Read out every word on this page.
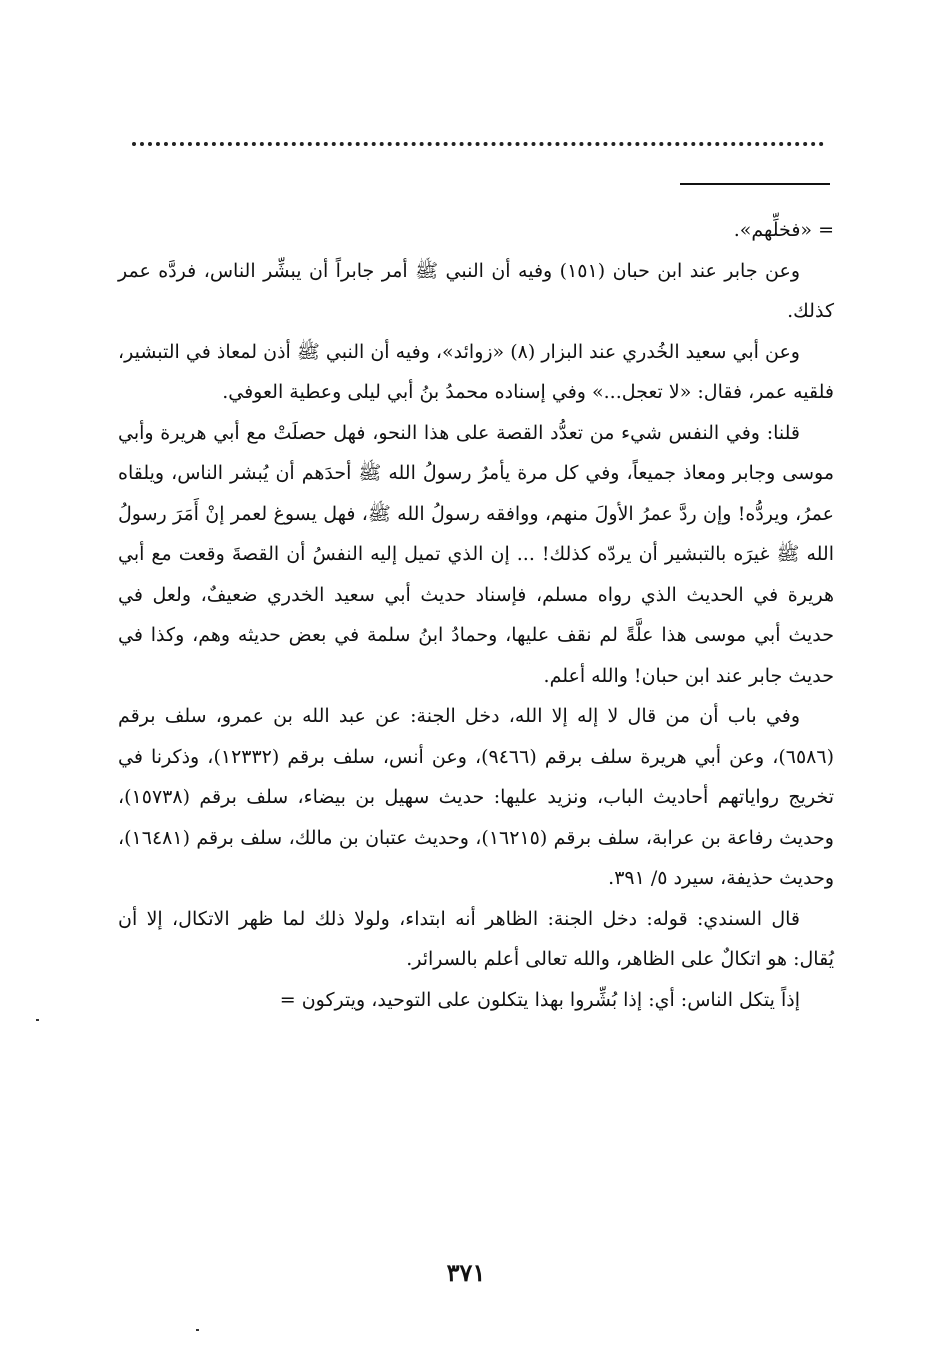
= «فخلِّهم».

وعن جابر عند ابن حبان (١٥١) وفيه أن النبي ﷺ أمر جابراً أن يبشِّر الناس، فردَّه عمر كذلك.

وعن أبي سعيد الخُدري عند البزار (٨) «زوائد»، وفيه أن النبي ﷺ أذن لمعاذ في التبشير، فلقيه عمر، فقال: «لا تعجل...» وفي إسناده محمدُ بنُ أبي ليلى وعطية العوفي.

قلنا: وفي النفس شيء من تعدُّد القصة على هذا النحو، فهل حصلَتْ مع أبي هريرة وأبي موسى وجابر ومعاذ جميعاً، وفي كل مرة يأمرُ رسولُ الله ﷺ أحدَهم أن يُبشر الناس، ويلقاه عمرُ، ويردُّه! وإن ردَّ عمرُ الأولَ منهم، ووافقه رسولُ الله ﷺ، فهل يسوغ لعمر إنْ أَمَرَ رسولُ الله ﷺ غيرَه بالتبشير أن يردّه كذلك! ... إن الذي تميل إليه النفسُ أن القصةَ وقعت مع أبي هريرة في الحديث الذي رواه مسلم، فإسناد حديث أبي سعيد الخدري ضعيفٌ، ولعل في حديث أبي موسى هذا علَّةً لم نقف عليها، وحمادُ ابنُ سلمة في بعض حديثه وهم، وكذا في حديث جابر عند ابن حبان! والله أعلم.

وفي باب أن من قال لا إله إلا الله، دخل الجنة: عن عبد الله بن عمرو، سلف برقم (٦٥٨٦)، وعن أبي هريرة سلف برقم (٩٤٦٦)، وعن أنس، سلف برقم (١٢٣٣٢)، وذكرنا في تخريج رواياتهم أحاديث الباب، ونزيد عليها: حديث سهيل بن بيضاء، سلف برقم (١٥٧٣٨)، وحديث رفاعة بن عرابة، سلف برقم (١٦٢١٥)، وحديث عتبان بن مالك، سلف برقم (١٦٤٨١)، وحديث حذيفة، سيرد ٥/ ٣٩١.

قال السندي: قوله: دخل الجنة: الظاهر أنه ابتداء، ولولا ذلك لما ظهر الاتكال، إلا أن يُقال: هو اتكالٌ على الظاهر، والله تعالى أعلم بالسرائر.

إذاً يتكل الناس: أي: إذا بُشِّروا بهذا يتكلون على التوحيد، ويتركون =

٣٧١
